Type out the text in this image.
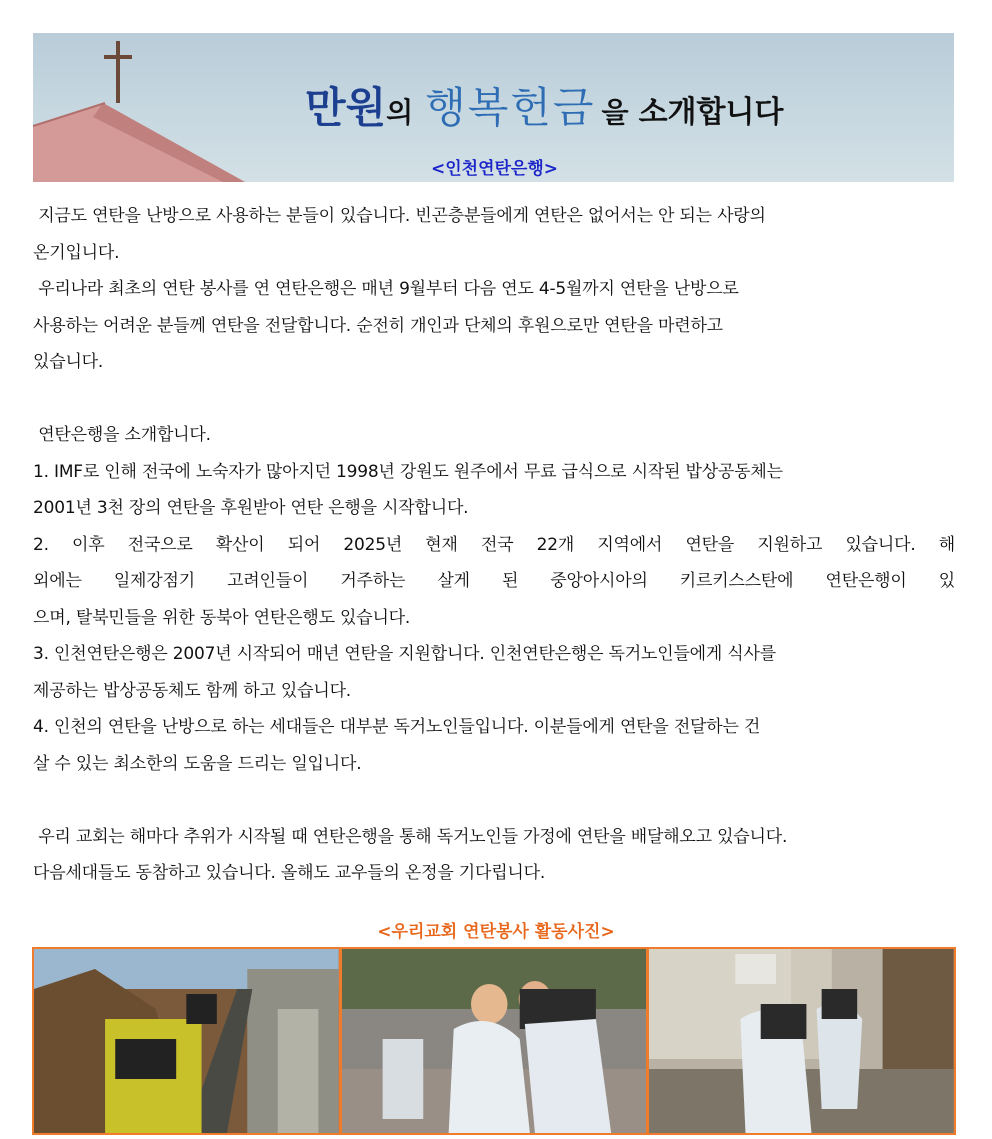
만원의 행복헌금 을 소개합니다
<인천연탄은행>

지금도 연탄을 난방으로 사용하는 분들이 있습니다. 빈곤층분들에게 연탄은 없어서는 안 되는 사랑의

온기입니다.

우리나라 최초의 연탄 봉사를 연 연탄은행은 매년 9월부터 다음 연도 4-5월까지 연탄을 난방으로

사용하는 어려운 분들께 연탄을 전달합니다. 순전히 개인과 단체의 후원으로만 연탄을 마련하고

있습니다.

연탄은행을 소개합니다.

1. IMF로 인해 전국에 노숙자가 많아지던 1998년 강원도 원주에서 무료 급식으로 시작된 밥상공동체는

2001년 3천 장의 연탄을 후원받아 연탄 은행을 시작합니다.

2. 이후 전국으로 확산이 되어 2025년 현재 전국 22개 지역에서 연탄을 지원하고 있습니다. 해

외에는 일제강점기 고려인들이 거주하는 살게 된 중앙아시아의 키르키스스탄에 연탄은행이 있

으며, 탈북민들을 위한 동북아 연탄은행도 있습니다.

3. 인천연탄은행은 2007년 시작되어 매년 연탄을 지원합니다. 인천연탄은행은 독거노인들에게 식사를

제공하는 밥상공동체도 함께 하고 있습니다.

4. 인천의 연탄을 난방으로 하는 세대들은 대부분 독거노인들입니다. 이분들에게 연탄을 전달하는 건

살 수 있는 최소한의 도움을 드리는 일입니다.

우리 교회는 해마다 추위가 시작될 때 연탄은행을 통해 독거노인들 가정에 연탄을 배달해오고 있습니다.

다음세대들도 동참하고 있습니다. 올해도 교우들의 온정을 기다립니다.

<우리교회 연탄봉사 활동사진>
